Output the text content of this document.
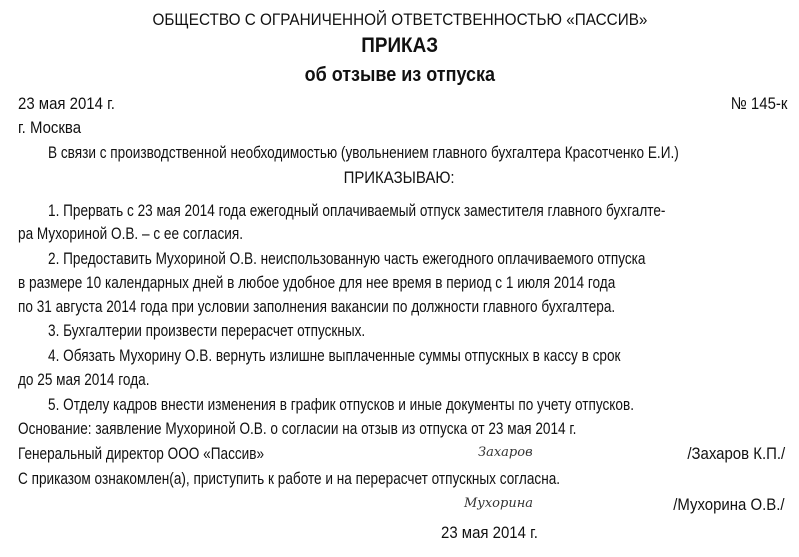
ОБЩЕСТВО С ОГРАНИЧЕННОЙ ОТВЕТСТВЕННОСТЬЮ «ПАССИВ»
ПРИКАЗ
об отзыве из отпуска
23 мая 2014 г.	№ 145-к
г. Москва
В связи с производственной необходимостью (увольнением главного бухгалтера Красотченко Е.И.)
ПРИКАЗЫВАЮ:
1. Прервать с 23 мая 2014 года ежегодный оплачиваемый отпуск заместителя главного бухгалте-
ра Мухориной О.В. – с ее согласия.
2. Предоставить Мухориной О.В. неиспользованную часть ежегодного оплачиваемого отпуска
в размере 10 календарных дней в любое удобное для нее время в период с 1 июля 2014 года
по 31 августа 2014 года при условии заполнения вакансии по должности главного бухгалтера.
3. Бухгалтерии произвести перерасчет отпускных.
4. Обязать Мухорину О.В. вернуть излишне выплаченные суммы отпускных в кассу в срок
до 25 мая 2014 года.
5. Отделу кадров внести изменения в график отпусков и иные документы по учету отпусков.
Основание: заявление Мухориной О.В. о согласии на отзыв из отпуска от 23 мая 2014 г.
Генеральный директор ООО «Пассив»	Захаров	/Захаров К.П./
С приказом ознакомлен(а), приступить к работе и на перерасчет отпускных согласна.
Мухорина	/Мухорина О.В./
23 мая 2014 г.
